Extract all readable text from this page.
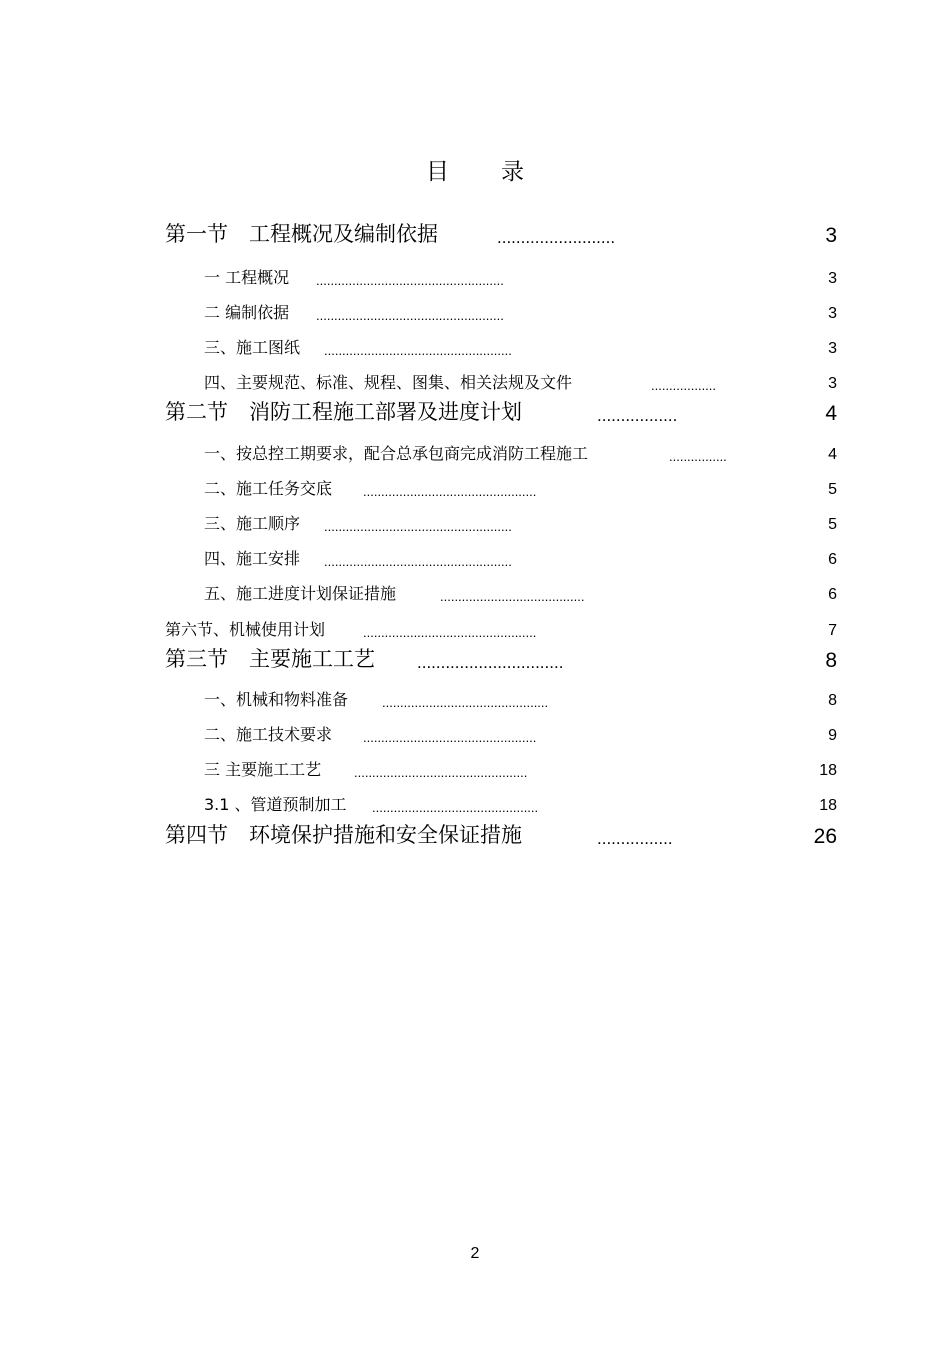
目录
第一节　工程概况及编制依据	.........................	3
一 工程概况 ....................................................	3
二 编制依据 ....................................................	3
三、施工图纸 ....................................................	3
四、主要规范、标准、规程、图集、相关法规及文件	..................	3
第二节　消防工程施工部署及进度计划	.................	4
一、按总控工期要求，配合总承包商完成消防工程施工	................	4
二、施工任务交底 ................................................	5
三、施工顺序 ....................................................	5
四、施工安排 ....................................................	6
五、施工进度计划保证措施	........................................	6
第六节、机械使用计划	................................................	7
第三节　主要施工工艺 ...............................	8
一、机械和物料准备	..............................................	8
二、施工技术要求 ................................................	9
三 主要施工工艺	................................................	18
3.1 、管道预制加工 ..............................................	18
第四节　环境保护措施和安全保证措施	................	26
2
